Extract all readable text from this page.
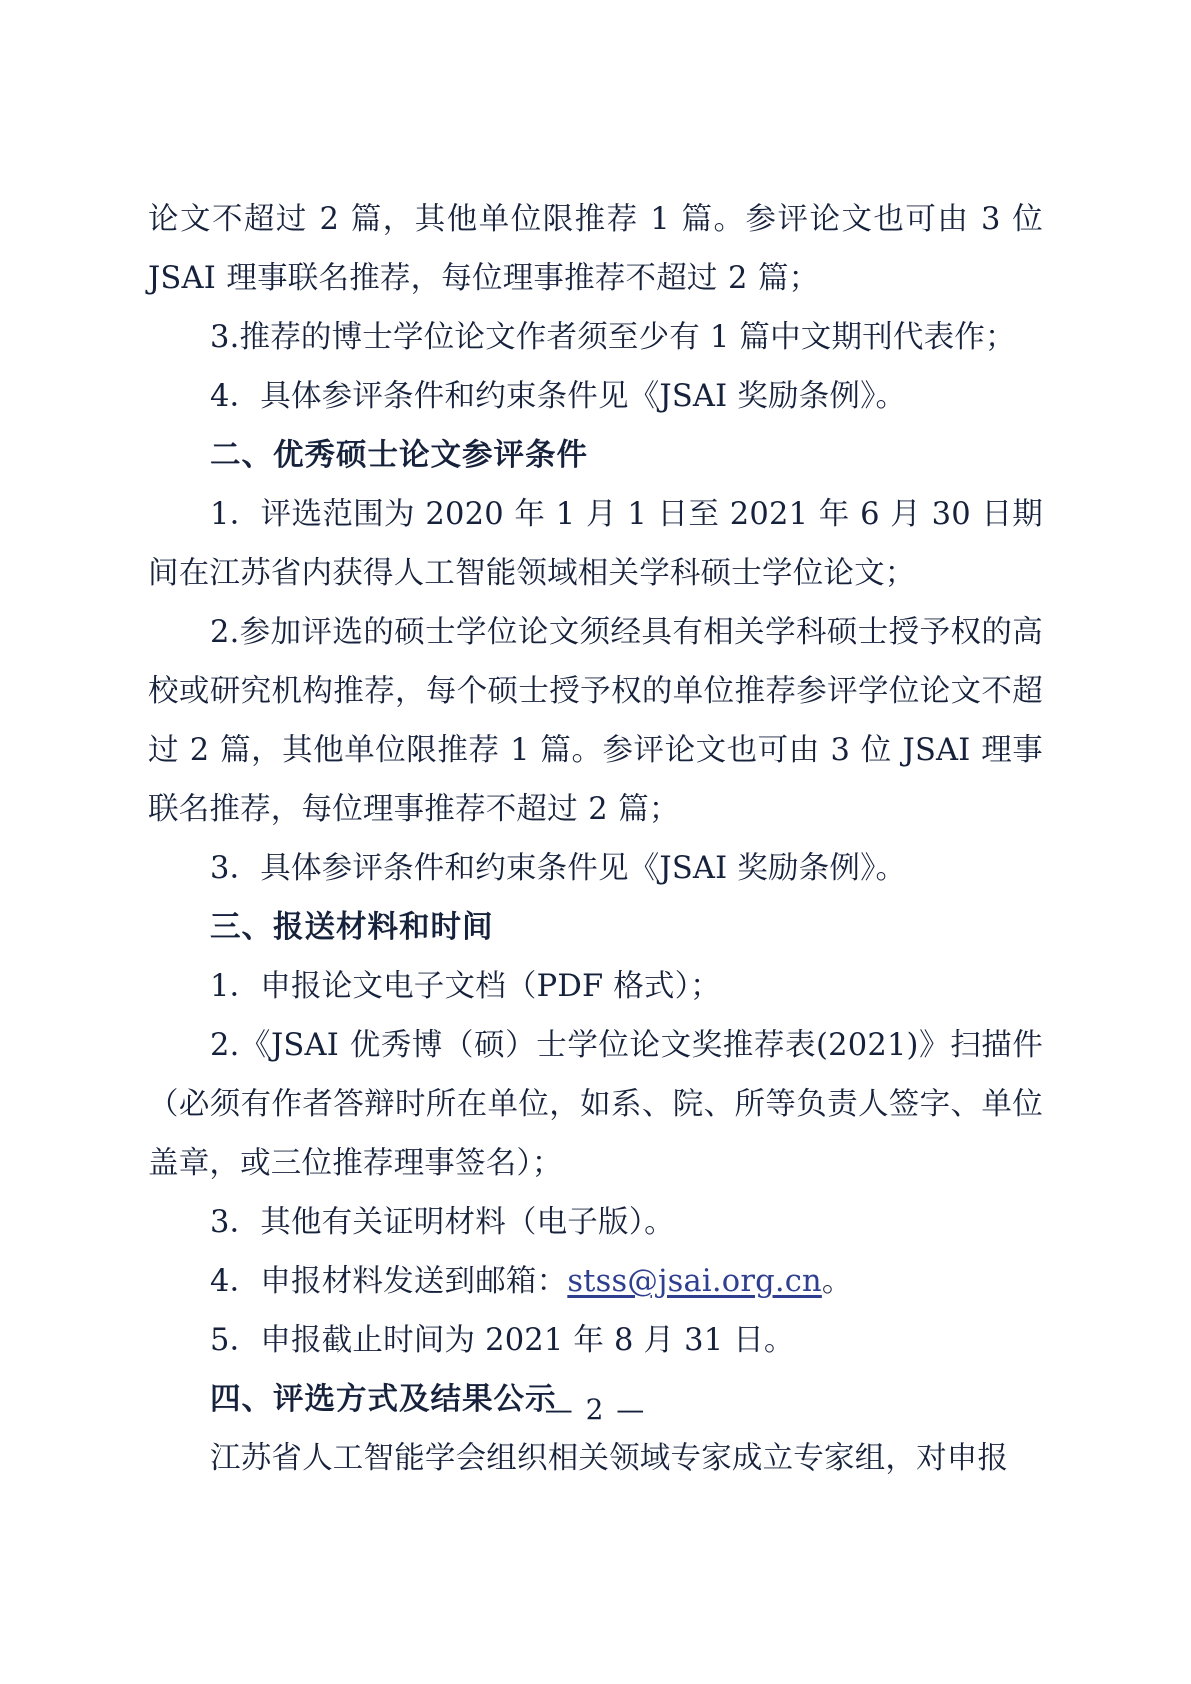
论文不超过 2 篇，其他单位限推荐 1 篇。参评论文也可由 3 位 JSAI 理事联名推荐，每位理事推荐不超过 2 篇；

3.推荐的博士学位论文作者须至少有 1 篇中文期刊代表作；

4．具体参评条件和约束条件见《JSAI 奖励条例》。

二、优秀硕士论文参评条件

1．评选范围为 2020 年 1 月 1 日至 2021 年 6 月 30 日期间在江苏省内获得人工智能领域相关学科硕士学位论文；

2.参加评选的硕士学位论文须经具有相关学科硕士授予权的高校或研究机构推荐，每个硕士授予权的单位推荐参评学位论文不超过 2 篇，其他单位限推荐 1 篇。参评论文也可由 3 位 JSAI 理事联名推荐，每位理事推荐不超过 2 篇；

3．具体参评条件和约束条件见《JSAI 奖励条例》。

三、报送材料和时间

1．申报论文电子文档（PDF 格式）；

2.《JSAI 优秀博（硕）士学位论文奖推荐表(2021)》扫描件（必须有作者答辩时所在单位，如系、院、所等负责人签字、单位盖章，或三位推荐理事签名）；

3．其他有关证明材料（电子版）。

4．申报材料发送到邮箱：stss@jsai.org.cn。

5．申报截止时间为 2021 年 8 月 31 日。

四、评选方式及结果公示

江苏省人工智能学会组织相关领域专家成立专家组，对申报

— 2 —
